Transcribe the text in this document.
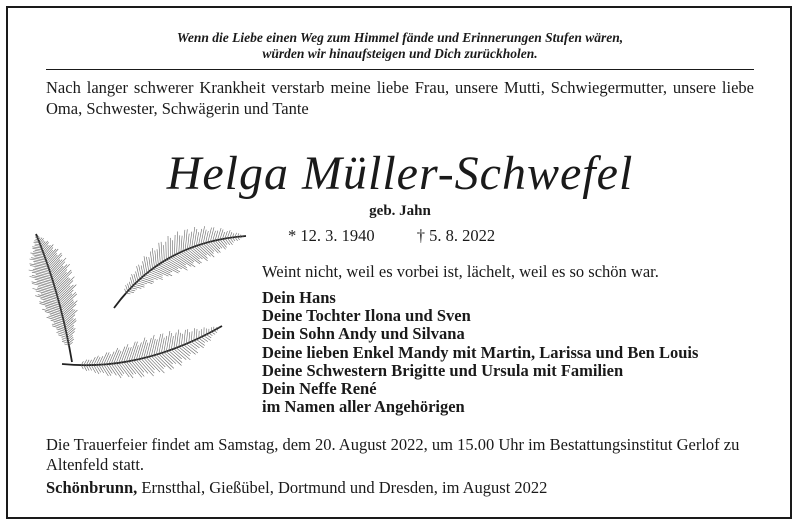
Wenn die Liebe einen Weg zum Himmel fände und Erinnerungen Stufen wären,
würden wir hinaufsteigen und Dich zurückholen.
Nach langer schwerer Krankheit verstarb meine liebe Frau, unsere Mutti, Schwiegermutter, unsere liebe Oma, Schwester, Schwägerin und Tante
Helga Müller-Schwefel
geb. Jahn
* 12. 3. 1940	† 5. 8. 2022
Weint nicht, weil es vorbei ist, lächelt, weil es so schön war.
Dein Hans
Deine Tochter Ilona und Sven
Dein Sohn Andy und Silvana
Deine lieben Enkel Mandy mit Martin, Larissa und Ben Louis
Deine Schwestern Brigitte und Ursula mit Familien
Dein Neffe René
im Namen aller Angehörigen
Die Trauerfeier findet am Samstag, dem 20. August 2022, um 15.00 Uhr im Bestattungsinstitut Gerlof zu Altenfeld statt.
Schönbrunn, Ernstthal, Gießübel, Dortmund und Dresden, im August 2022
